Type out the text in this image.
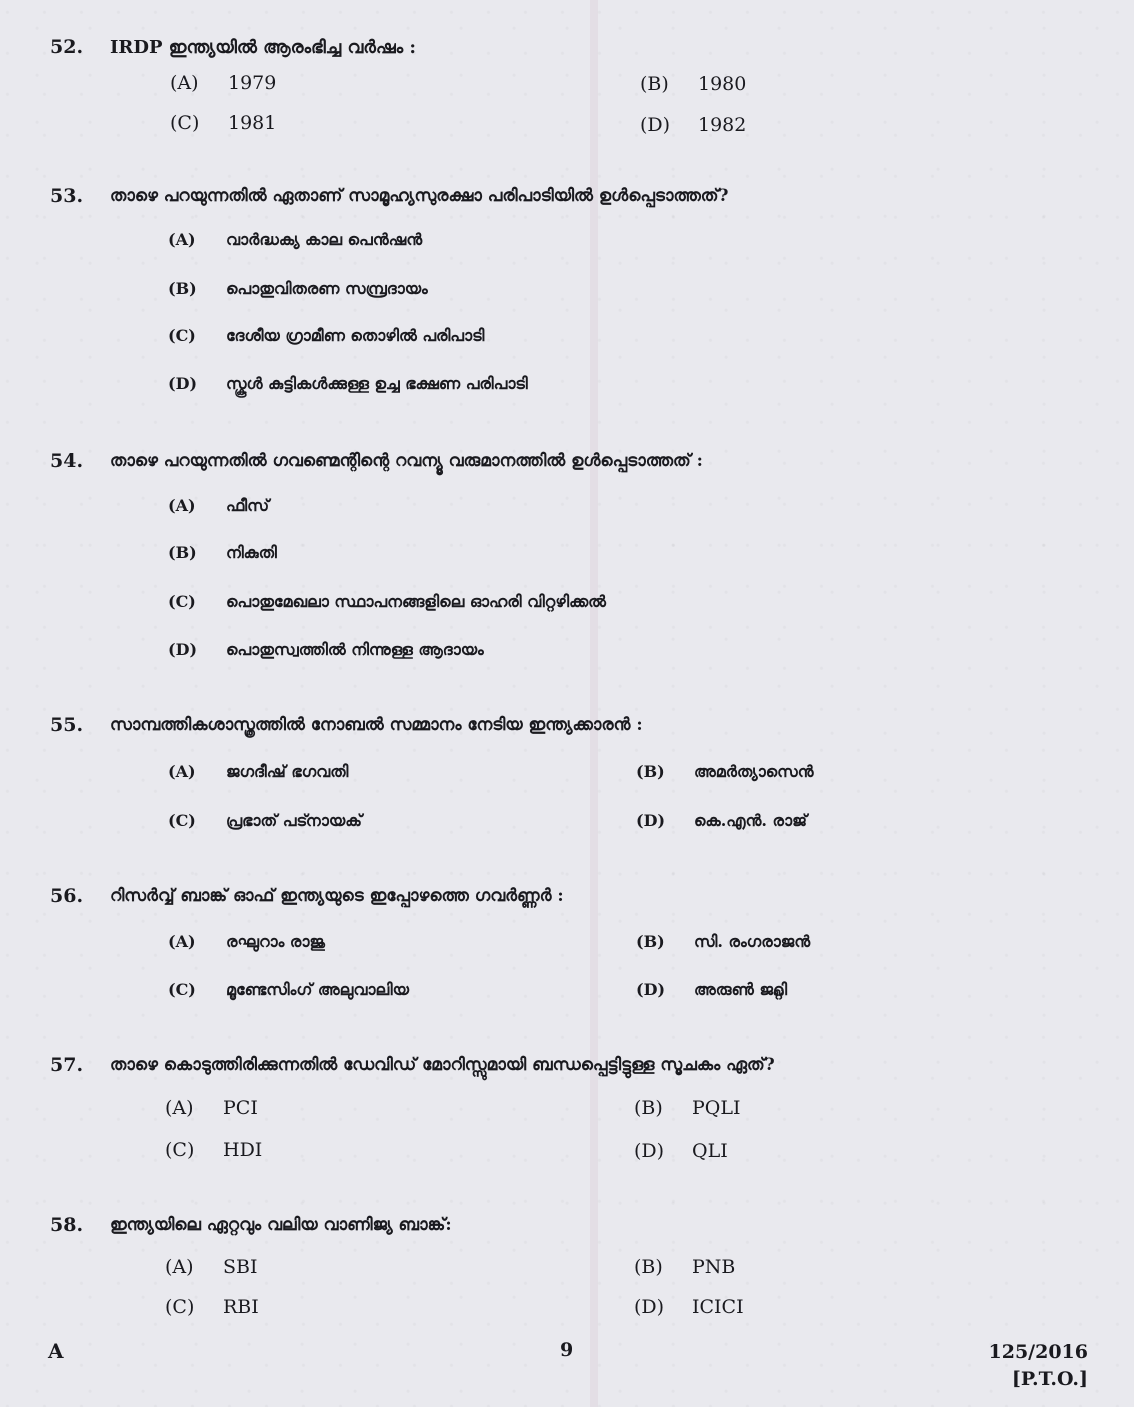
52. IRDP ഇന്ത്യയിൽ ആരംഭിച്ച വർഷം :
(A) 1979	(B) 1980
(C) 1981	(D) 1982
53. താഴെ പറയുന്നതിൽ ഏതാണ് സാമൂഹ്യസുരക്ഷാ പരിപാടിയിൽ ഉൾപ്പെടാത്തത്?
(A) വാർദ്ധക്യ കാല പെൻഷൻ
(B) പൊതുവിതരണ സമ്പ്രദായം
(C) ദേശീയ ഗ്രാമീണ തൊഴിൽ പരിപാടി
(D) സ്കൂൾ കുട്ടികൾക്കുള്ള ഉച്ച ഭക്ഷണ പരിപാടി
54. താഴെ പറയുന്നതിൽ ഗവണ്മെന്റിന്റെ റവന്യൂ വരുമാനത്തിൽ ഉൾപ്പെടാത്തത് :
(A) ഫീസ്
(B) നികുതി
(C) പൊതുമേഖലാ സ്ഥാപനങ്ങളിലെ ഓഹരി വിറ്റഴിക്കൽ
(D) പൊതുസ്വത്തിൽ നിന്നുള്ള ആദായം
55. സാമ്പത്തികശാസ്ത്രത്തിൽ നോബൽ സമ്മാനം നേടിയ ഇന്ത്യക്കാരൻ :
(A) ജഗദീഷ് ഭഗവതി	(B) അമർത്യാസെൻ
(C) പ്രഭാത് പട്നായക്	(D) കെ.എൻ. രാജ്
56. റിസർവ്വ് ബാങ്ക് ഓഫ് ഇന്ത്യയുടെ ഇപ്പോഴത്തെ ഗവർണ്ണർ :
(A) രഘുറാം രാജു	(B) സി. രംഗരാജൻ
(C) മൂണ്ടേസിംഗ് അലുവാലിയ	(D) അരുൺ ജറ്റ്ലി
57. താഴെ കൊടുത്തിരിക്കുന്നതിൽ ഡേവിഡ് മോറിസ്സുമായി ബന്ധപ്പെട്ടിട്ടുള്ള സൂചകം ഏത്?
(A) PCI	(B) PQLI
(C) HDI	(D) QLI
58. ഇന്ത്യയിലെ ഏറ്റവും വലിയ വാണിജ്യ ബാങ്ക്:
(A) SBI	(B) PNB
(C) RBI	(D) ICICI
A	9	125/2016
[P.T.O.]
